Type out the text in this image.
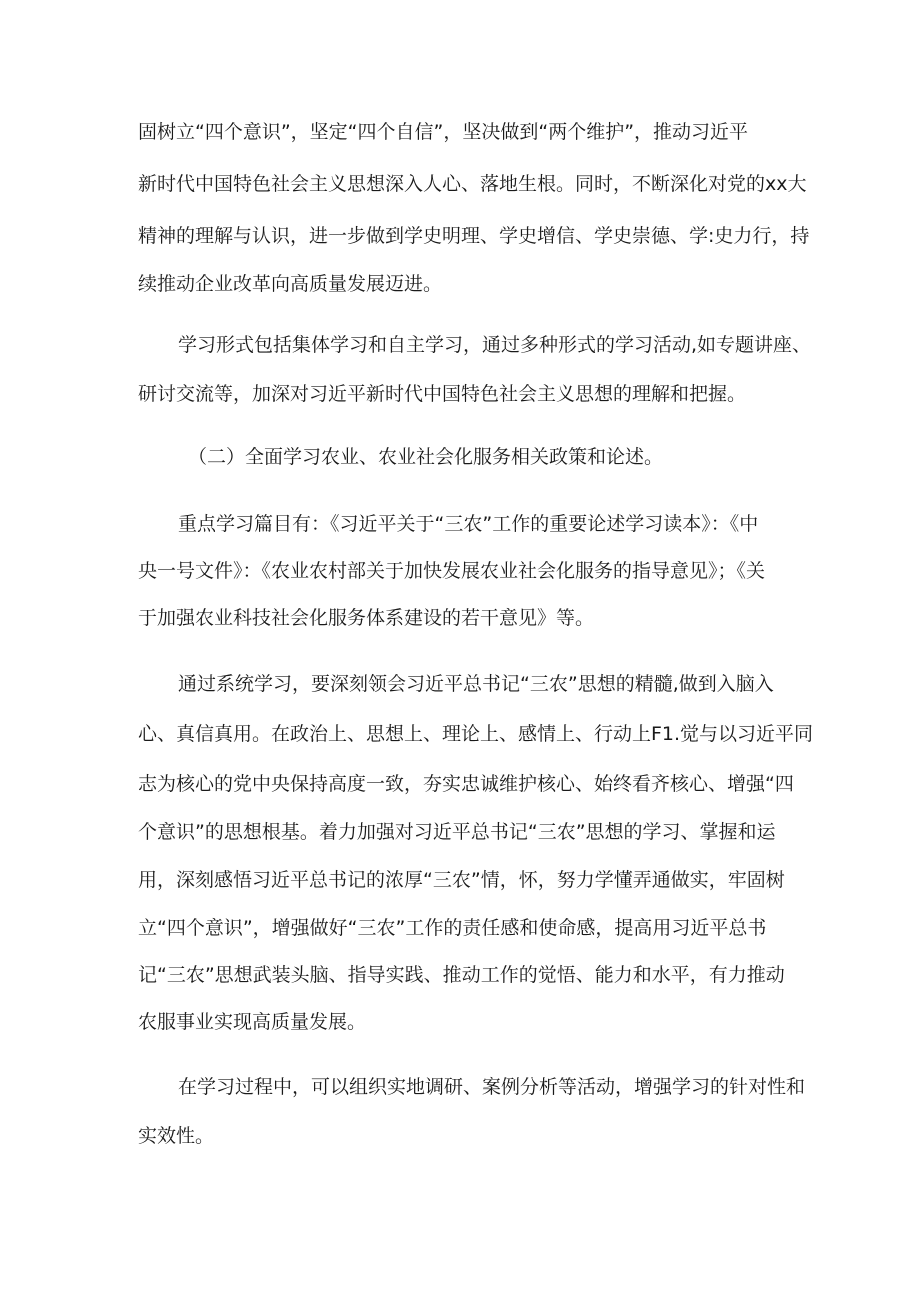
固树立“四个意识”，坚定“四个自信”，坚决做到“两个维护”，推动习近平
新时代中国特色社会主义思想深入人心、落地生根。同时，不断深化对党的xx大
精神的理解与认识，进一步做到学史明理、学史增信、学史崇德、学:史力行，持
续推动企业改革向高质量发展迈进。
学习形式包括集体学习和自主学习，通过多种形式的学习活动,如专题讲座、
研讨交流等，加深对习近平新时代中国特色社会主义思想的理解和把握。
（二）全面学习农业、农业社会化服务相关政策和论述。
重点学习篇目有：《习近平关于“三农”工作的重要论述学习读本》：《中
央一号文件》：《农业农村部关于加快发展农业社会化服务的指导意见》；《关
于加强农业科技社会化服务体系建设的若干意见》等。
通过系统学习，要深刻领会习近平总书记“三农”思想的精髓,做到入脑入
心、真信真用。在政治上、思想上、理论上、感情上、行动上F1.觉与以习近平同
志为核心的党中央保持高度一致，夯实忠诚维护核心、始终看齐核心、增强“四
个意识”的思想根基。着力加强对习近平总书记“三农”思想的学习、掌握和运
用，深刻感悟习近平总书记的浓厚“三农”情，怀，努力学懂弄通做实，牢固树
立“四个意识”，增强做好“三农”工作的责任感和使命感，提高用习近平总书
记“三农”思想武装头脑、指导实践、推动工作的觉悟、能力和水平，有力推动
农服事业实现高质量发展。
在学习过程中，可以组织实地调研、案例分析等活动，增强学习的针对性和
实效性。
